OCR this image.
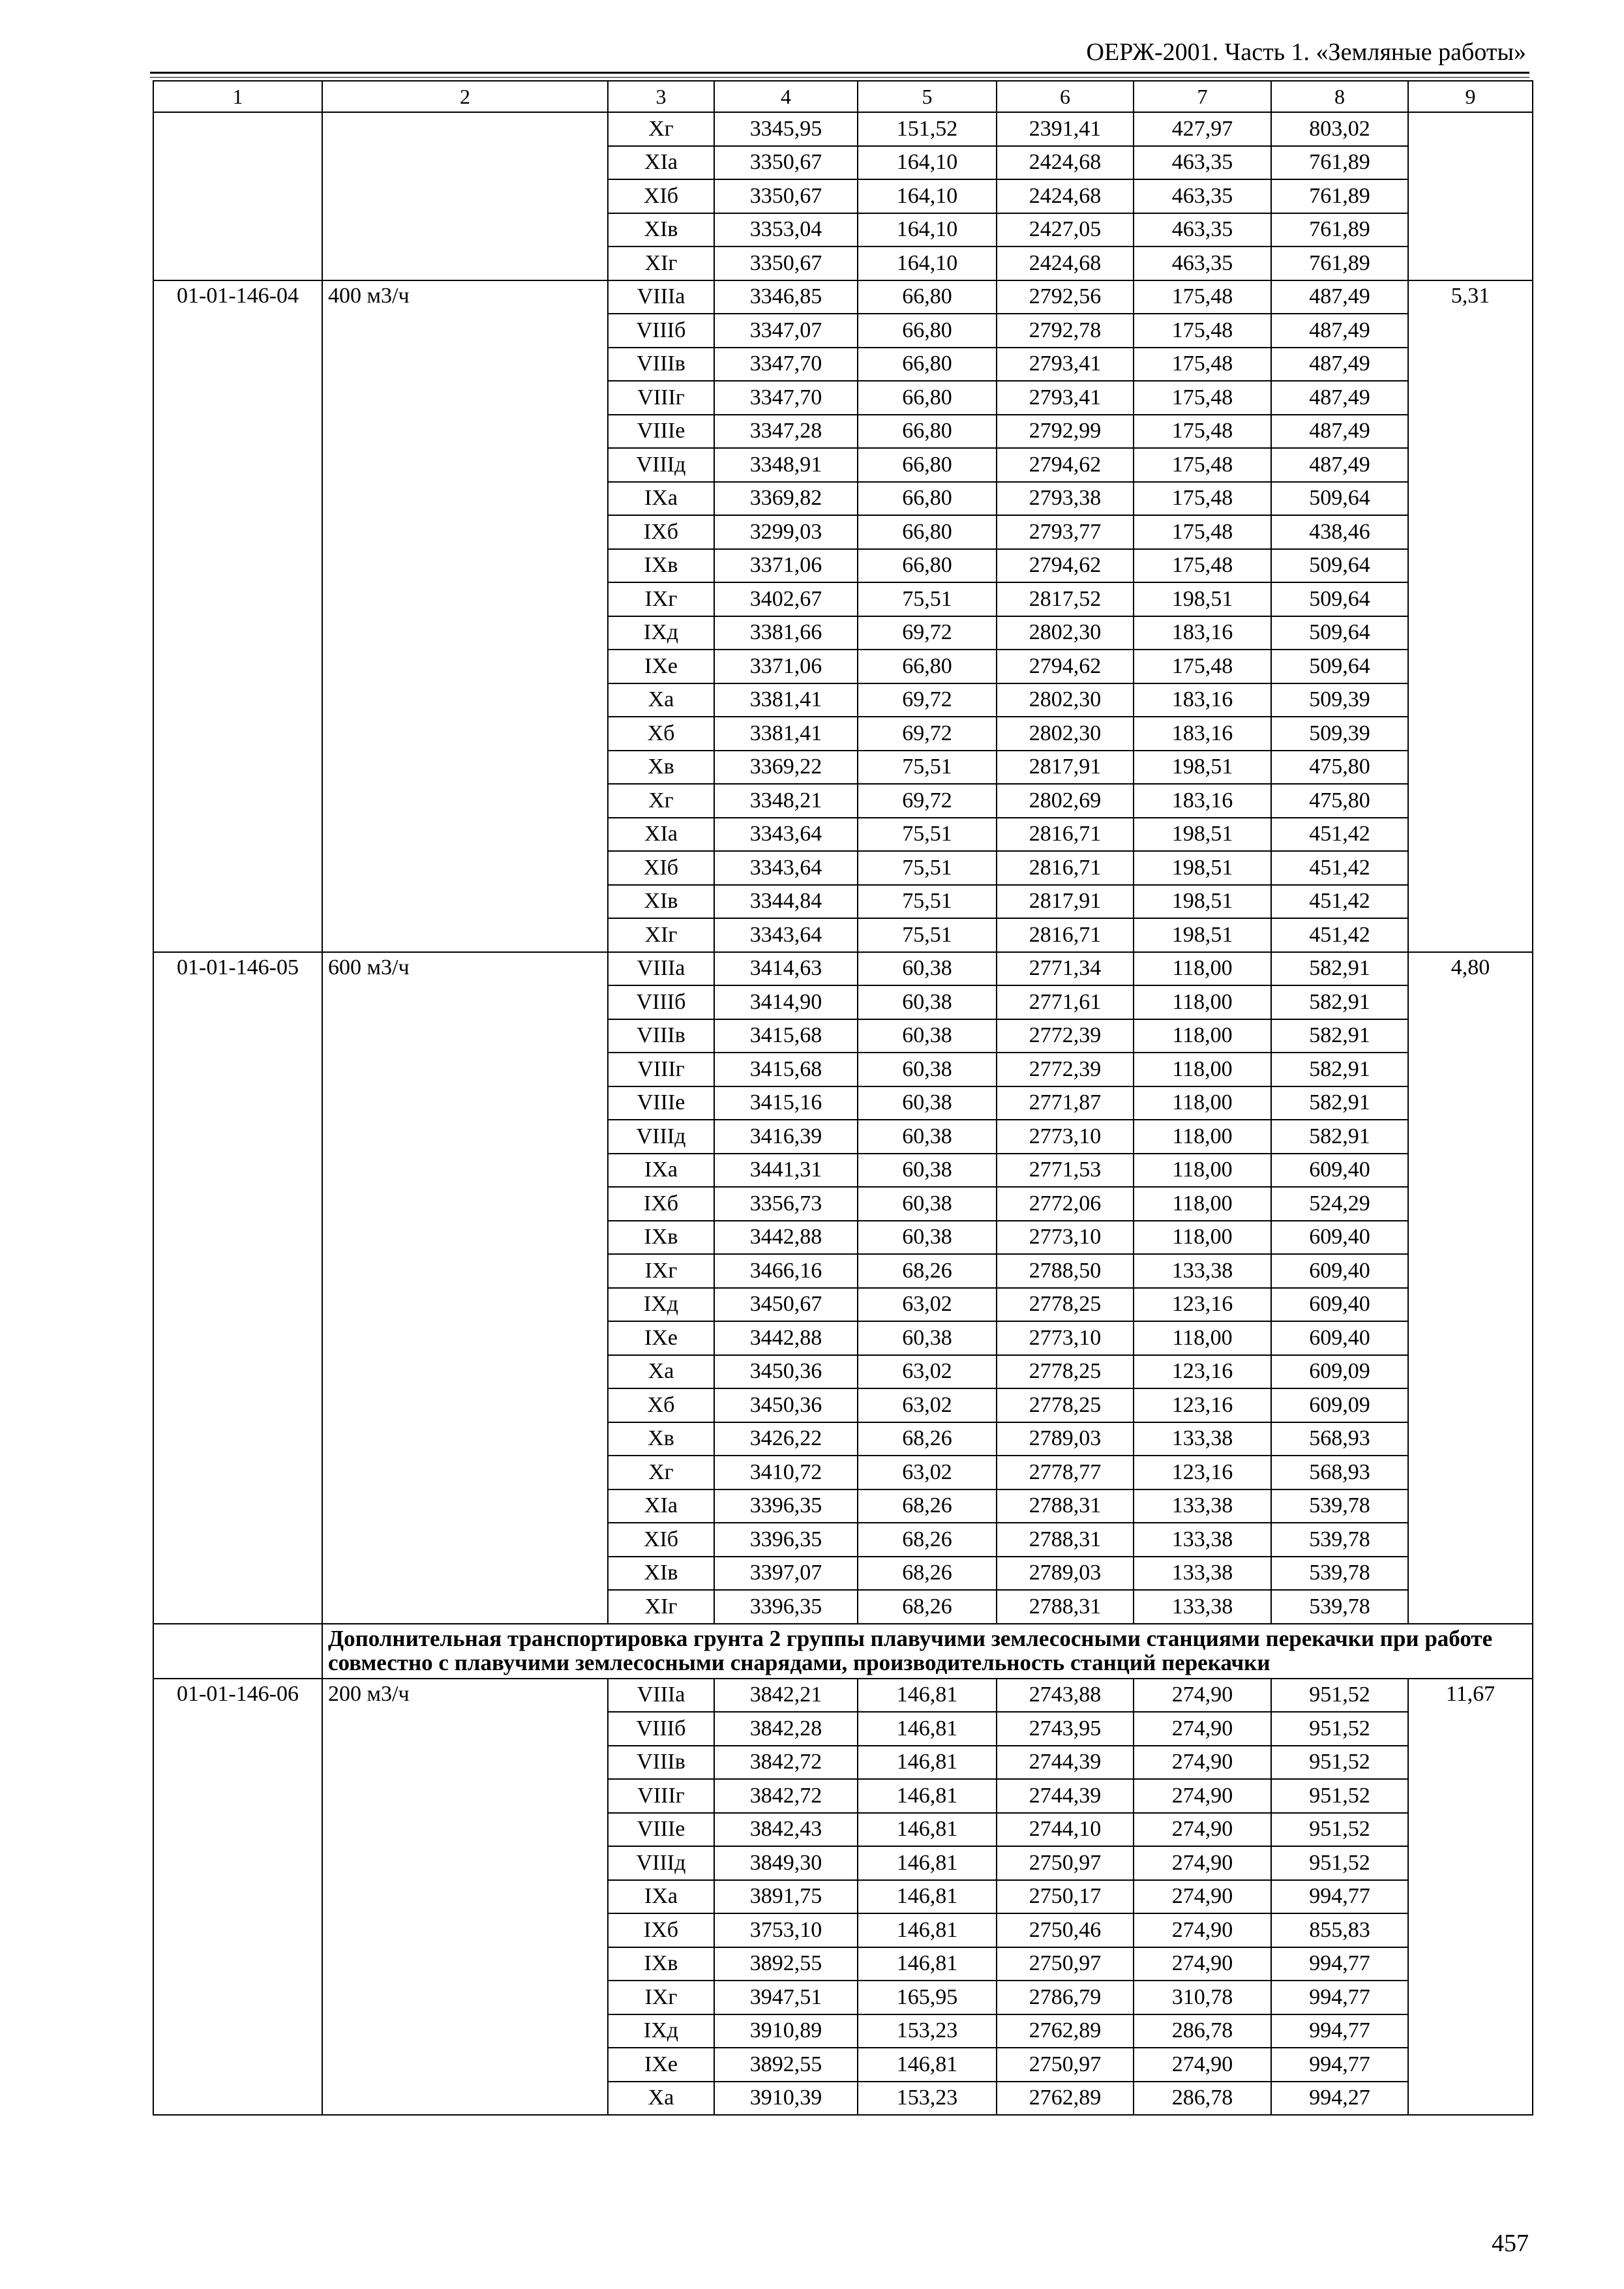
ОЕРЖ-2001. Часть 1. «Земляные работы»
1	2	3	4	5	6	7	8	9
		Xг	3345,95	151,52	2391,41	427,97	803,02	
		XIа	3350,67	164,10	2424,68	463,35	761,89	
		XIб	3350,67	164,10	2424,68	463,35	761,89	
		XIв	3353,04	164,10	2427,05	463,35	761,89	
		XIг	3350,67	164,10	2424,68	463,35	761,89	
01-01-146-04	400 м3/ч	VIIIа	3346,85	66,80	2792,56	175,48	487,49	5,31
		VIIIб	3347,07	66,80	2792,78	175,48	487,49	
		VIIIв	3347,70	66,80	2793,41	175,48	487,49	
		VIIIг	3347,70	66,80	2793,41	175,48	487,49	
		VIIIе	3347,28	66,80	2792,99	175,48	487,49	
		VIIIд	3348,91	66,80	2794,62	175,48	487,49	
		IXа	3369,82	66,80	2793,38	175,48	509,64	
		IXб	3299,03	66,80	2793,77	175,48	438,46	
		IXв	3371,06	66,80	2794,62	175,48	509,64	
		IXг	3402,67	75,51	2817,52	198,51	509,64	
		IXд	3381,66	69,72	2802,30	183,16	509,64	
		IXе	3371,06	66,80	2794,62	175,48	509,64	
		Xа	3381,41	69,72	2802,30	183,16	509,39	
		Xб	3381,41	69,72	2802,30	183,16	509,39	
		Xв	3369,22	75,51	2817,91	198,51	475,80	
		Xг	3348,21	69,72	2802,69	183,16	475,80	
		XIа	3343,64	75,51	2816,71	198,51	451,42	
		XIб	3343,64	75,51	2816,71	198,51	451,42	
		XIв	3344,84	75,51	2817,91	198,51	451,42	
		XIг	3343,64	75,51	2816,71	198,51	451,42	
01-01-146-05	600 м3/ч	VIIIа	3414,63	60,38	2771,34	118,00	582,91	4,80
		VIIIб	3414,90	60,38	2771,61	118,00	582,91	
		VIIIв	3415,68	60,38	2772,39	118,00	582,91	
		VIIIг	3415,68	60,38	2772,39	118,00	582,91	
		VIIIе	3415,16	60,38	2771,87	118,00	582,91	
		VIIIд	3416,39	60,38	2773,10	118,00	582,91	
		IXа	3441,31	60,38	2771,53	118,00	609,40	
		IXб	3356,73	60,38	2772,06	118,00	524,29	
		IXв	3442,88	60,38	2773,10	118,00	609,40	
		IXг	3466,16	68,26	2788,50	133,38	609,40	
		IXд	3450,67	63,02	2778,25	123,16	609,40	
		IXе	3442,88	60,38	2773,10	118,00	609,40	
		Xа	3450,36	63,02	2778,25	123,16	609,09	
		Xб	3450,36	63,02	2778,25	123,16	609,09	
		Xв	3426,22	68,26	2789,03	133,38	568,93	
		Xг	3410,72	63,02	2778,77	123,16	568,93	
		XIа	3396,35	68,26	2788,31	133,38	539,78	
		XIб	3396,35	68,26	2788,31	133,38	539,78	
		XIв	3397,07	68,26	2789,03	133,38	539,78	
		XIг	3396,35	68,26	2788,31	133,38	539,78	
	Дополнительная транспортировка грунта 2 группы плавучими землесосными станциями перекачки при работе совместно с плавучими землесосными снарядами, производительность станций перекачки							
01-01-146-06	200 м3/ч	VIIIа	3842,21	146,81	2743,88	274,90	951,52	11,67
		VIIIб	3842,28	146,81	2743,95	274,90	951,52	
		VIIIв	3842,72	146,81	2744,39	274,90	951,52	
		VIIIг	3842,72	146,81	2744,39	274,90	951,52	
		VIIIе	3842,43	146,81	2744,10	274,90	951,52	
		VIIIд	3849,30	146,81	2750,97	274,90	951,52	
		IXа	3891,75	146,81	2750,17	274,90	994,77	
		IXб	3753,10	146,81	2750,46	274,90	855,83	
		IXв	3892,55	146,81	2750,97	274,90	994,77	
		IXг	3947,51	165,95	2786,79	310,78	994,77	
		IXд	3910,89	153,23	2762,89	286,78	994,77	
		IXе	3892,55	146,81	2750,97	274,90	994,77	
		Xа	3910,39	153,23	2762,89	286,78	994,27	
457
